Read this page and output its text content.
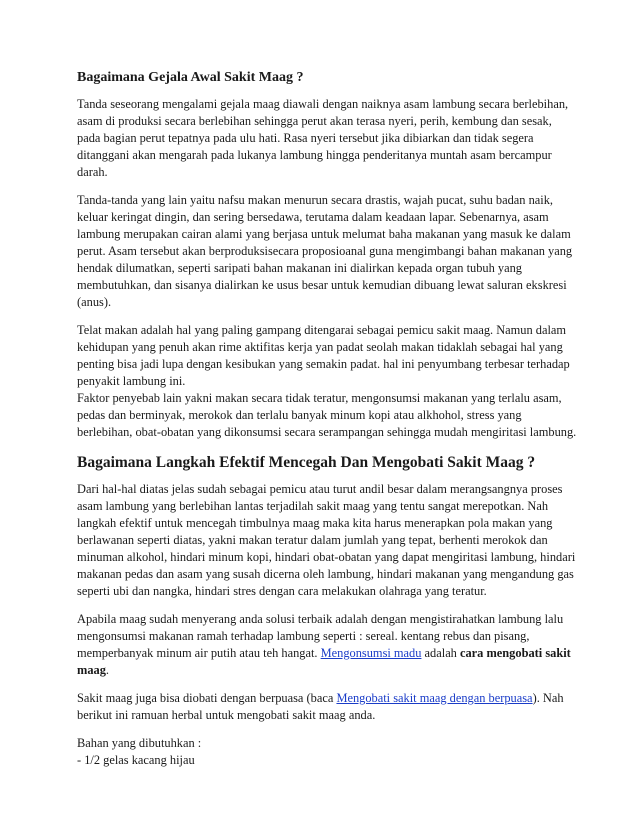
Bagaimana Gejala Awal Sakit Maag ?

Tanda seseorang mengalami gejala maag diawali dengan naiknya asam lambung secara berlebihan, asam di produksi secara berlebihan sehingga perut akan terasa nyeri, perih, kembung dan sesak, pada bagian perut tepatnya pada ulu hati. Rasa nyeri tersebut jika dibiarkan dan tidak segera ditanggani akan mengarah pada lukanya lambung hingga penderitanya muntah asam bercampur darah.

Tanda-tanda yang lain yaitu nafsu makan menurun secara drastis, wajah pucat, suhu badan naik, keluar keringat dingin, dan sering bersedawa, terutama dalam keadaan lapar. Sebenarnya, asam lambung merupakan cairan alami yang berjasa untuk melumat baha makanan yang masuk ke dalam perut. Asam tersebut akan berproduksisecara proposioanal guna mengimbangi bahan makanan yang hendak dilumatkan, seperti saripati bahan makanan ini dialirkan kepada organ tubuh yang membutuhkan, dan sisanya dialirkan ke usus besar untuk kemudian dibuang lewat saluran ekskresi (anus).

Telat makan adalah hal yang paling gampang ditengarai sebagai pemicu sakit maag. Namun dalam kehidupan yang penuh akan rime aktifitas kerja yan padat seolah makan tidaklah sebagai hal yang penting bisa jadi lupa dengan kesibukan yang semakin padat. hal ini penyumbang terbesar terhadap penyakit lambung ini.

Faktor penyebab lain yakni makan secara tidak teratur, mengonsumsi makanan yang terlalu asam, pedas dan berminyak, merokok dan terlalu banyak minum kopi atau alkhohol, stress yang berlebihan, obat-obatan yang dikonsumsi secara serampangan sehingga mudah mengiritasi lambung.

Bagaimana Langkah Efektif Mencegah Dan Mengobati Sakit Maag ?

Dari hal-hal diatas jelas sudah sebagai pemicu atau turut andil besar dalam merangsangnya proses asam lambung yang berlebihan lantas terjadilah sakit maag yang tentu sangat merepotkan. Nah langkah efektif untuk mencegah timbulnya maag maka kita harus menerapkan pola makan yang berlawanan seperti diatas, yakni makan teratur dalam jumlah yang tepat, berhenti merokok dan minuman alkohol, hindari minum kopi, hindari obat-obatan yang dapat mengiritasi lambung, hindari makanan pedas dan asam yang susah dicerna oleh lambung, hindari makanan yang mengandung gas seperti ubi dan nangka, hindari stres dengan cara melakukan olahraga yang teratur.

Apabila maag sudah menyerang anda solusi terbaik adalah dengan mengistirahatkan lambung lalu mengonsumsi makanan ramah terhadap lambung seperti : sereal. kentang rebus dan pisang, memperbanyak minum air putih atau teh hangat. Mengonsumsi madu adalah cara mengobati sakit maag.

Sakit maag juga bisa diobati dengan berpuasa (baca Mengobati sakit maag dengan berpuasa). Nah berikut ini ramuan herbal untuk mengobati sakit maag anda.

Bahan yang dibutuhkan :

- 1/2 gelas kacang hijau
